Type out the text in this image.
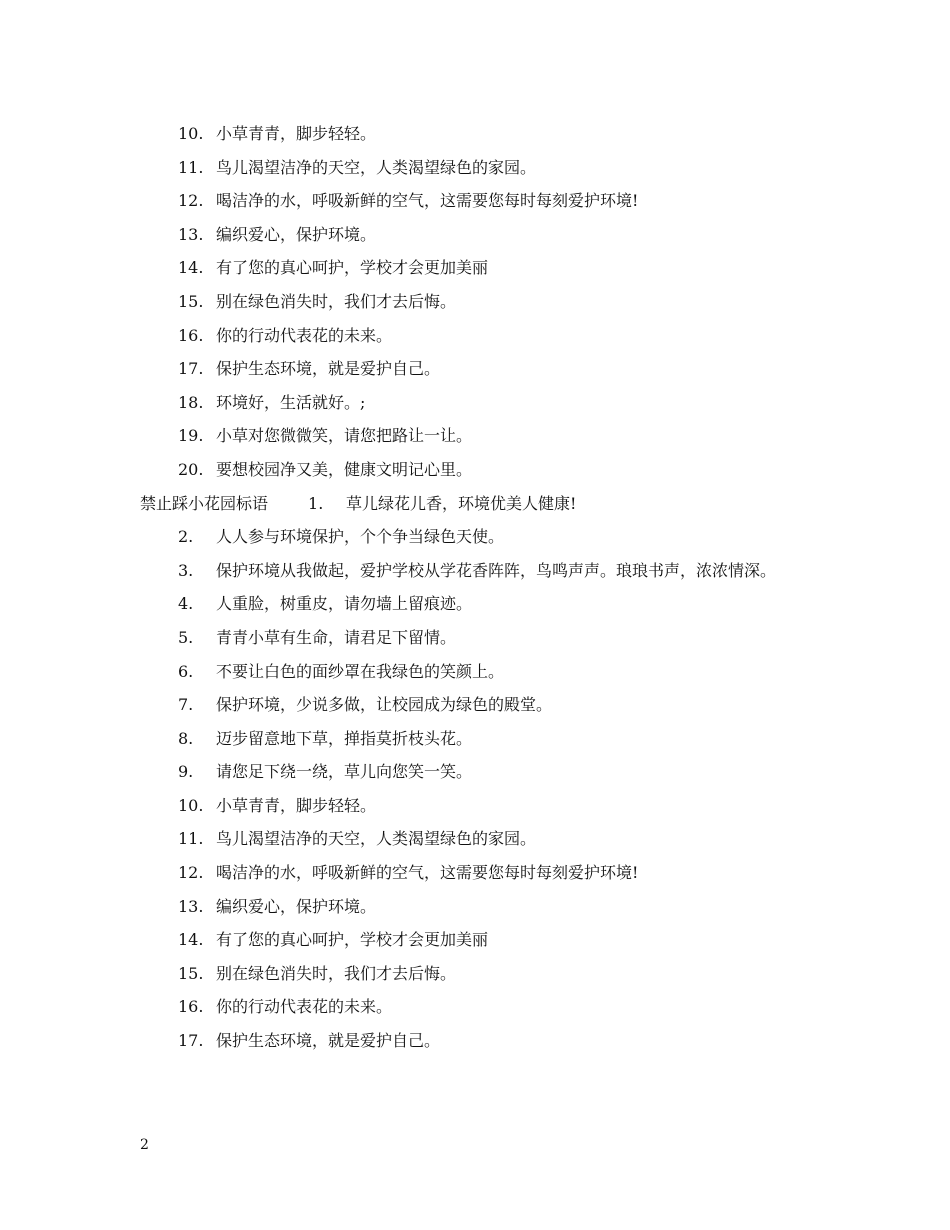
10. 小草青青，脚步轻轻。
11. 鸟儿渴望洁净的天空，人类渴望绿色的家园。
12. 喝洁净的水，呼吸新鲜的空气，这需要您每时每刻爱护环境!
13. 编织爱心，保护环境。
14. 有了您的真心呵护，学校才会更加美丽
15. 别在绿色消失时，我们才去后悔。
16. 你的行动代表花的未来。
17. 保护生态环境，就是爱护自己。
18. 环境好，生活就好。;
19. 小草对您微微笑，请您把路让一让。
20. 要想校园净又美，健康文明记心里。
禁止踩小花园标语	1. 草儿绿花儿香，环境优美人健康!
2. 人人参与环境保护，个个争当绿色天使。
3. 保护环境从我做起，爱护学校从学花香阵阵，鸟鸣声声。琅琅书声，浓浓情深。
4. 人重脸，树重皮，请勿墙上留痕迹。
5. 青青小草有生命，请君足下留情。
6. 不要让白色的面纱罩在我绿色的笑颜上。
7. 保护环境，少说多做，让校园成为绿色的殿堂。
8. 迈步留意地下草，掸指莫折枝头花。
9. 请您足下绕一绕，草儿向您笑一笑。
10. 小草青青，脚步轻轻。
11. 鸟儿渴望洁净的天空，人类渴望绿色的家园。
12. 喝洁净的水，呼吸新鲜的空气，这需要您每时每刻爱护环境!
13. 编织爱心，保护环境。
14. 有了您的真心呵护，学校才会更加美丽
15. 别在绿色消失时，我们才去后悔。
16. 你的行动代表花的未来。
17. 保护生态环境，就是爱护自己。
2
